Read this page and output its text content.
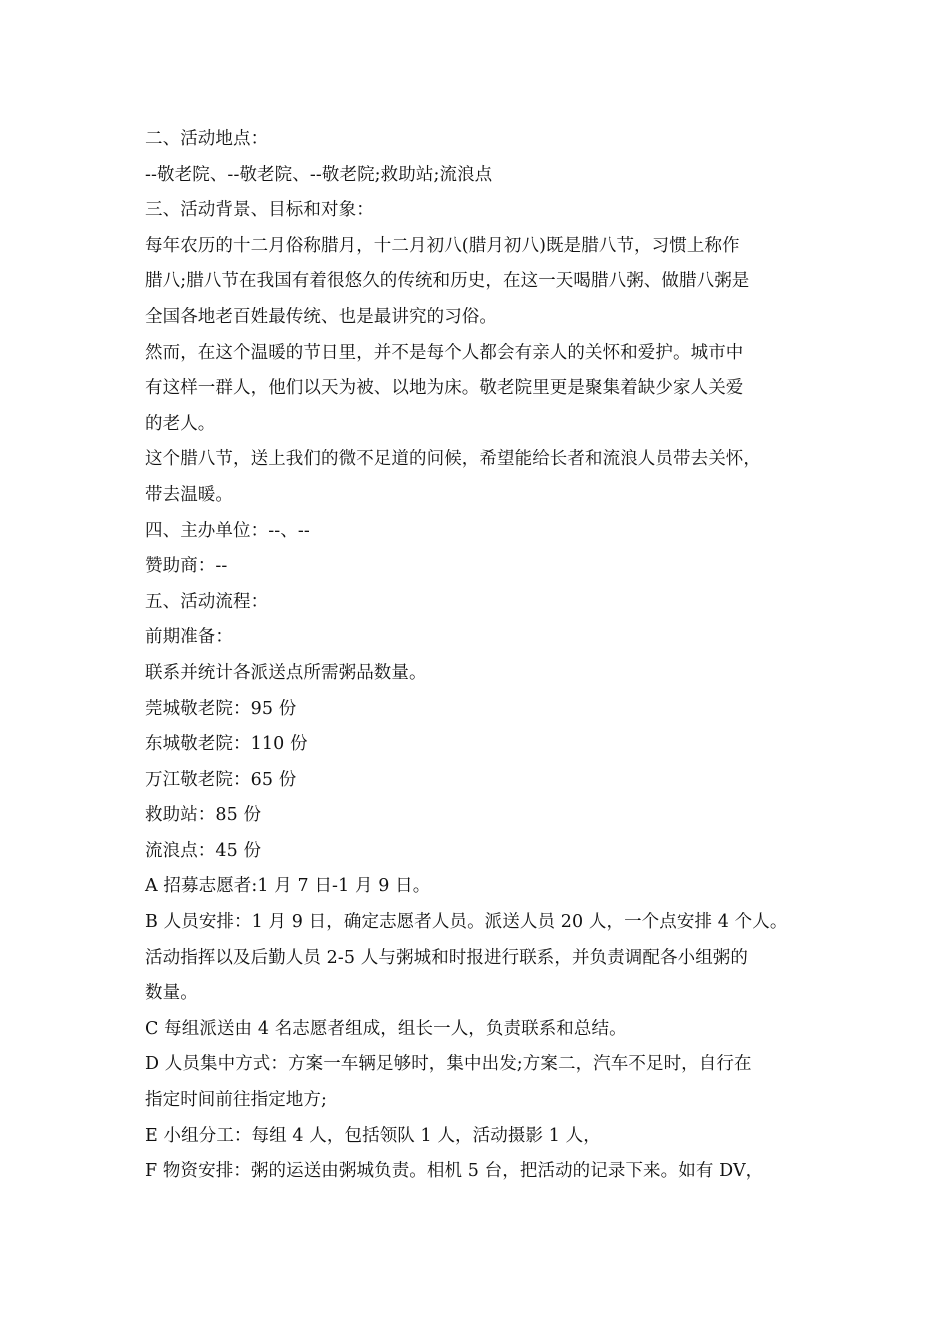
二、活动地点：

--敬老院、--敬老院、--敬老院;救助站;流浪点

三、活动背景、目标和对象：

每年农历的十二月俗称腊月，十二月初八(腊月初八)既是腊八节，习惯上称作

腊八;腊八节在我国有着很悠久的传统和历史，在这一天喝腊八粥、做腊八粥是

全国各地老百姓最传统、也是最讲究的习俗。

然而，在这个温暖的节日里，并不是每个人都会有亲人的关怀和爱护。城市中

有这样一群人，他们以天为被、以地为床。敬老院里更是聚集着缺少家人关爱

的老人。

这个腊八节，送上我们的微不足道的问候，希望能给长者和流浪人员带去关怀，

带去温暖。

四、主办单位：--、--

赞助商：--

五、活动流程：

前期准备：

联系并统计各派送点所需粥品数量。

莞城敬老院：95 份

东城敬老院：110 份

万江敬老院：65 份

救助站：85 份

流浪点：45 份

A 招募志愿者:1 月 7 日-1 月 9 日。

B 人员安排：1 月 9 日，确定志愿者人员。派送人员 20 人，一个点安排 4 个人。

活动指挥以及后勤人员 2-5 人与粥城和时报进行联系，并负责调配各小组粥的

数量。

C 每组派送由 4 名志愿者组成，组长一人，负责联系和总结。

D 人员集中方式：方案一车辆足够时，集中出发;方案二，汽车不足时，自行在

指定时间前往指定地方;

E 小组分工：每组 4 人，包括领队 1 人，活动摄影 1 人，

F 物资安排：粥的运送由粥城负责。相机 5 台，把活动的记录下来。如有 DV，
